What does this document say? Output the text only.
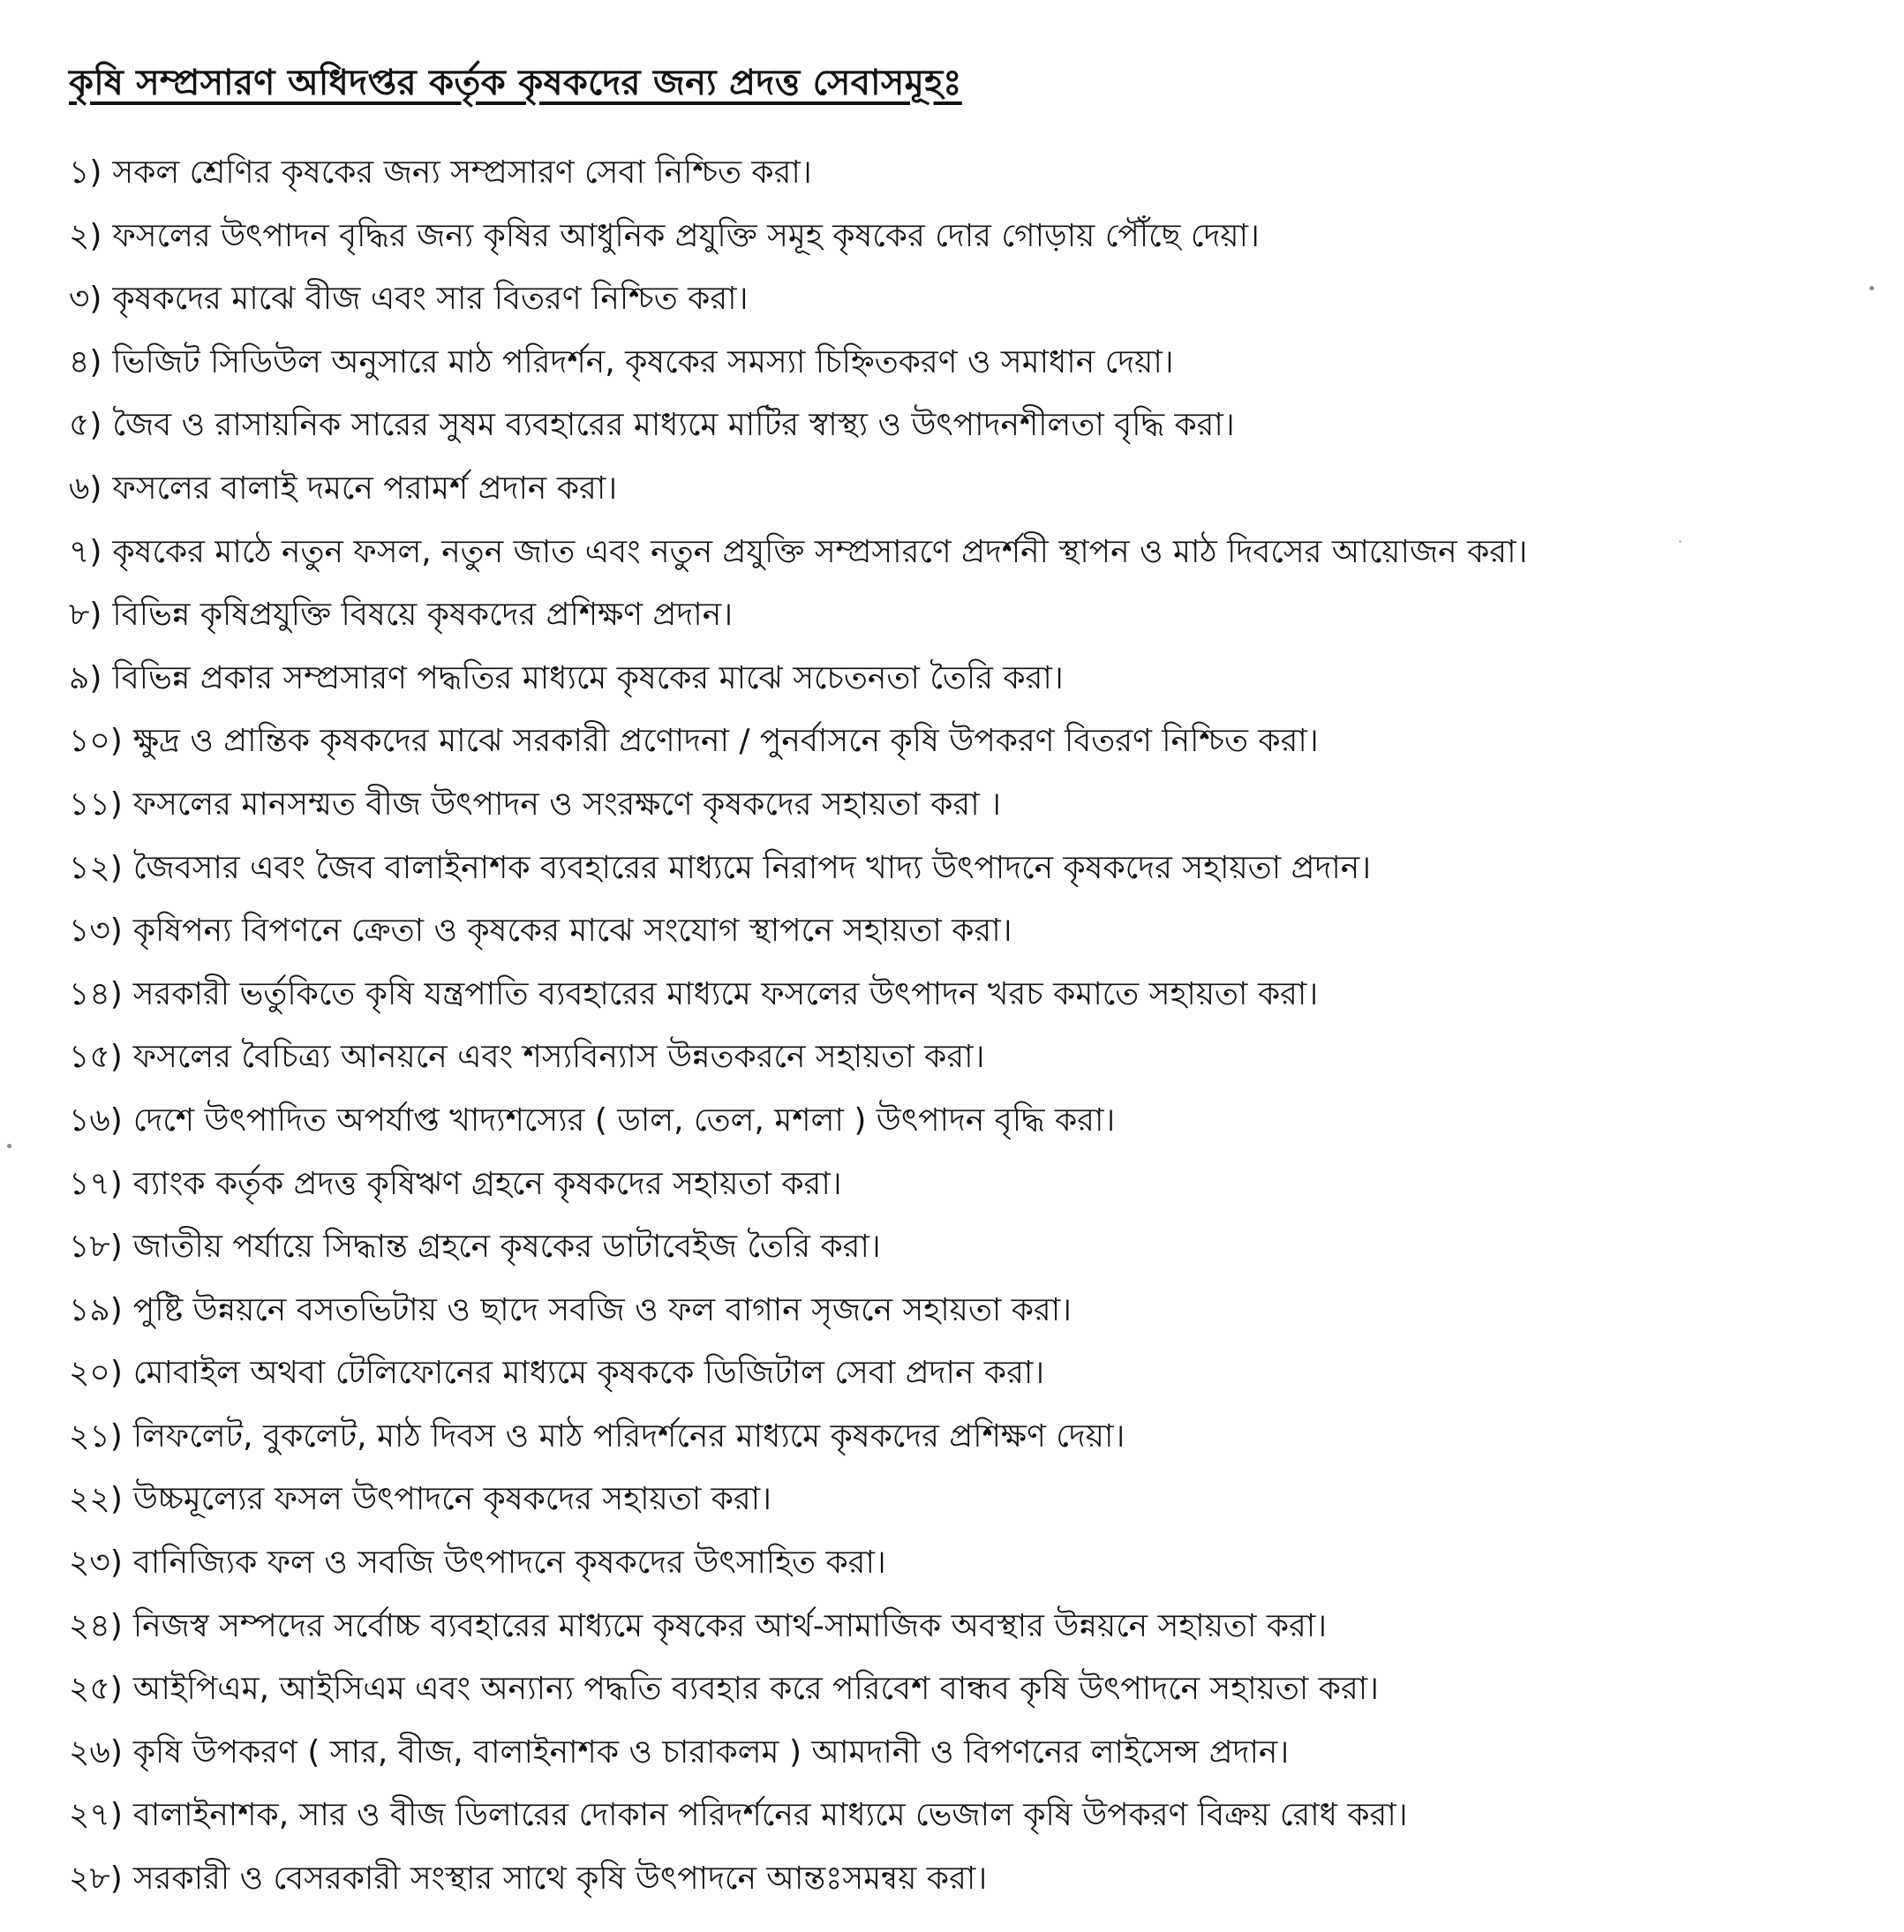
কৃষি সম্প্রসারণ অধিদপ্তর কর্তৃক কৃষকদের জন্য প্রদত্ত সেবাসমূহঃ
১) সকল শ্রেণির কৃষকের জন্য সম্প্রসারণ সেবা নিশ্চিত করা।
২) ফসলের উৎপাদন বৃদ্ধির জন্য কৃষির আধুনিক প্রযুক্তি সমূহ কৃষকের দোর গোড়ায় পৌঁছে দেয়া।
৩) কৃষকদের মাঝে বীজ এবং সার বিতরণ নিশ্চিত করা।
৪) ভিজিট সিডিউল অনুসারে মাঠ পরিদর্শন, কৃষকের সমস্যা চিহ্নিতকরণ ও সমাধান দেয়া।
৫) জৈব ও রাসায়নিক সারের সুষম ব্যবহারের মাধ্যমে মাটির স্বাস্থ্য ও উৎপাদনশীলতা বৃদ্ধি করা।
৬) ফসলের বালাই দমনে পরামর্শ প্রদান করা।
৭) কৃষকের মাঠে নতুন ফসল, নতুন জাত এবং নতুন প্রযুক্তি সম্প্রসারণে প্রদর্শনী স্থাপন ও মাঠ দিবসের আয়োজন করা।
৮) বিভিন্ন কৃষিপ্রযুক্তি বিষয়ে কৃষকদের প্রশিক্ষণ প্রদান।
৯) বিভিন্ন প্রকার সম্প্রসারণ পদ্ধতির মাধ্যমে কৃষকের মাঝে সচেতনতা তৈরি করা।
১০) ক্ষুদ্র ও প্রান্তিক কৃষকদের মাঝে সরকারী প্রণোদনা / পুনর্বাসনে কৃষি উপকরণ বিতরণ নিশ্চিত করা।
১১) ফসলের মানসম্মত বীজ উৎপাদন ও সংরক্ষণে কৃষকদের সহায়তা করা ।
১২) জৈবসার এবং জৈব বালাইনাশক ব্যবহারের মাধ্যমে নিরাপদ খাদ্য উৎপাদনে কৃষকদের সহায়তা প্রদান।
১৩) কৃষিপন্য বিপণনে ক্রেতা ও কৃষকের মাঝে সংযোগ স্থাপনে সহায়তা করা।
১৪) সরকারী ভর্তুকিতে কৃষি যন্ত্রপাতি ব্যবহারের মাধ্যমে ফসলের উৎপাদন খরচ কমাতে সহায়তা করা।
১৫) ফসলের বৈচিত্র্য আনয়নে এবং শস্যবিন্যাস উন্নতকরনে সহায়তা করা।
১৬) দেশে উৎপাদিত অপর্যাপ্ত খাদ্যশস্যের ( ডাল, তেল, মশলা ) উৎপাদন বৃদ্ধি করা।
১৭) ব্যাংক কর্তৃক প্রদত্ত কৃষিঋণ গ্রহনে কৃষকদের সহায়তা করা।
১৮) জাতীয় পর্যায়ে সিদ্ধান্ত গ্রহনে কৃষকের ডাটাবেইজ তৈরি করা।
১৯) পুষ্টি উন্নয়নে বসতভিটায় ও ছাদে সবজি ও ফল বাগান সৃজনে সহায়তা করা।
২০) মোবাইল অথবা টেলিফোনের মাধ্যমে কৃষককে ডিজিটাল সেবা প্রদান করা।
২১) লিফলেট, বুকলেট, মাঠ দিবস ও মাঠ পরিদর্শনের মাধ্যমে কৃষকদের প্রশিক্ষণ দেয়া।
২২) উচ্চমূল্যের ফসল উৎপাদনে কৃষকদের সহায়তা করা।
২৩) বানিজ্যিক ফল ও সবজি উৎপাদনে কৃষকদের উৎসাহিত করা।
২৪) নিজস্ব সম্পদের সর্বোচ্চ ব্যবহারের মাধ্যমে কৃষকের আর্থ-সামাজিক অবস্থার উন্নয়নে সহায়তা করা।
২৫) আইপিএম, আইসিএম এবং অন্যান্য পদ্ধতি ব্যবহার করে পরিবেশ বান্ধব কৃষি উৎপাদনে সহায়তা করা।
২৬) কৃষি উপকরণ ( সার, বীজ, বালাইনাশক ও চারাকলম ) আমদানী ও বিপণনের লাইসেন্স প্রদান।
২৭) বালাইনাশক, সার ও বীজ ডিলারের দোকান পরিদর্শনের মাধ্যমে ভেজাল কৃষি উপকরণ বিক্রয় রোধ করা।
২৮) সরকারী ও বেসরকারী সংস্থার সাথে কৃষি উৎপাদনে আন্তঃসমন্বয় করা।
